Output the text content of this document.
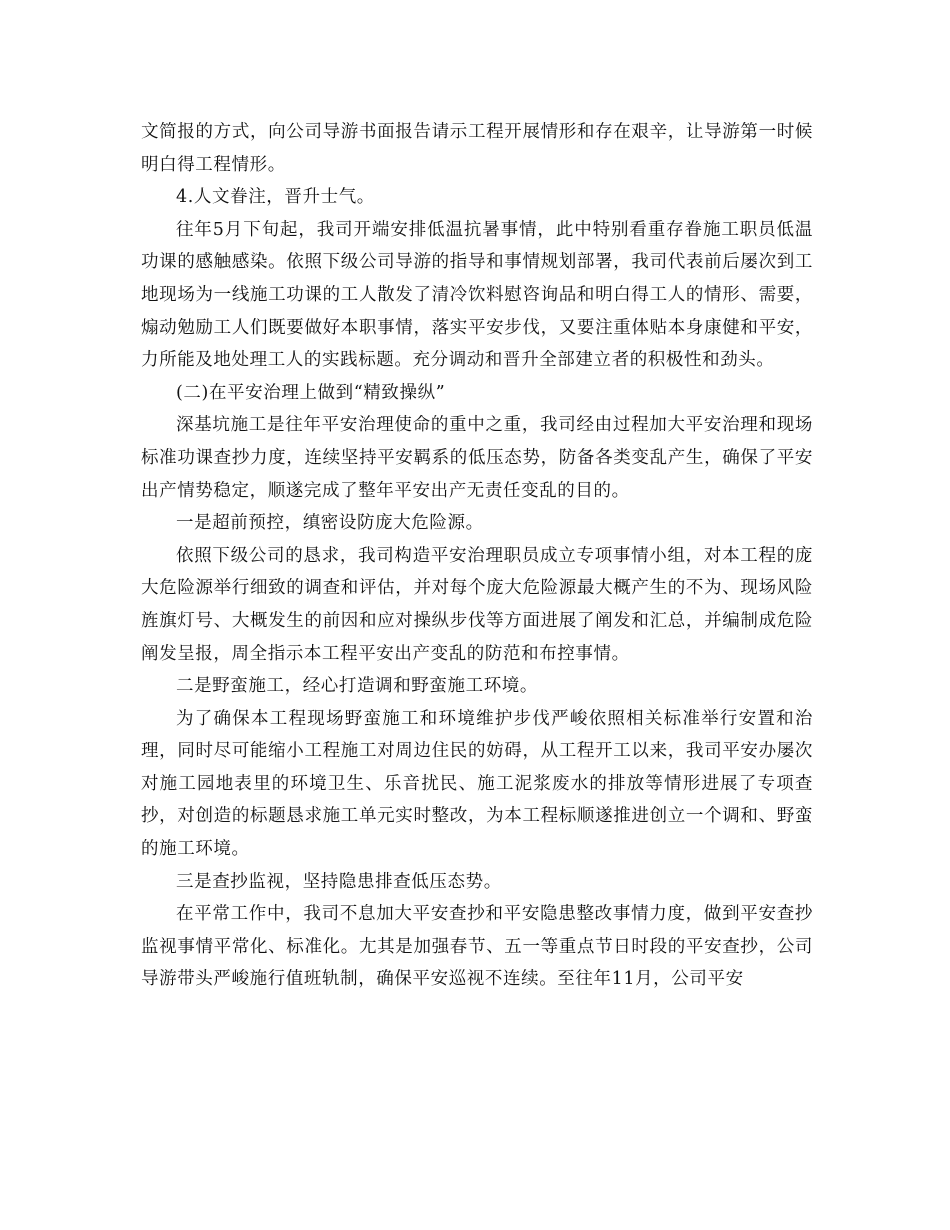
文简报的方式，向公司导游书面报告请示工程开展情形和存在艰辛，让导游第一时候明白得工程情形。

4.人文眷注，晋升士气。

往年5月下旬起，我司开端安排低温抗暑事情，此中特别看重存眷施工职员低温功课的感触感染。依照下级公司导游的指导和事情规划部署，我司代表前后屡次到工地现场为一线施工功课的工人散发了清冷饮料慰咨询品和明白得工人的情形、需要，煽动勉励工人们既要做好本职事情，落实平安步伐，又要注重体贴本身康健和平安，力所能及地处理工人的实践标题。充分调动和晋升全部建立者的积极性和劲头。

(二)在平安治理上做到“精致操纵”

深基坑施工是往年平安治理使命的重中之重，我司经由过程加大平安治理和现场标准功课查抄力度，连续坚持平安羁系的低压态势，防备各类变乱产生，确保了平安出产情势稳定，顺遂完成了整年平安出产无责任变乱的目的。

一是超前预控，缜密设防庞大危险源。

依照下级公司的恳求，我司构造平安治理职员成立专项事情小组，对本工程的庞大危险源举行细致的调查和评估，并对每个庞大危险源最大概产生的不为、现场风险旌旗灯号、大概发生的前因和应对操纵步伐等方面进展了阐发和汇总，并编制成危险阐发呈报，周全指示本工程平安出产变乱的防范和布控事情。

二是野蛮施工，经心打造调和野蛮施工环境。

为了确保本工程现场野蛮施工和环境维护步伐严峻依照相关标准举行安置和治理，同时尽可能缩小工程施工对周边住民的妨碍，从工程开工以来，我司平安办屡次对施工园地表里的环境卫生、乐音扰民、施工泥浆废水的排放等情形进展了专项查抄，对创造的标题恳求施工单元实时整改，为本工程标顺遂推进创立一个调和、野蛮的施工环境。

三是查抄监视，坚持隐患排查低压态势。

在平常工作中，我司不息加大平安查抄和平安隐患整改事情力度，做到平安查抄监视事情平常化、标准化。尢其是加强春节、五一等重点节日时段的平安查抄，公司导游带头严峻施行值班轨制，确保平安巡视不连续。至往年11月，公司平安
